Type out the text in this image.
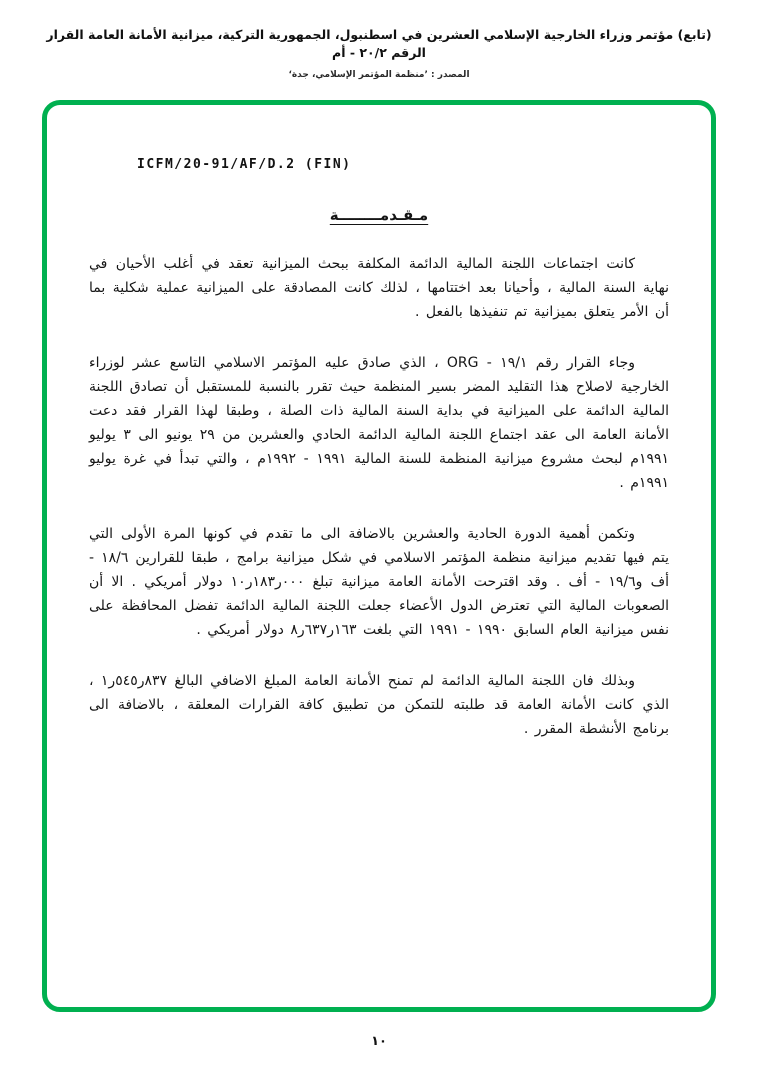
(تابع) مؤتمر وزراء الخارجية الإسلامي العشرين في اسطنبول، الجمهورية التركية، ميزانية الأمانة العامة القرار الرقم ٢٠/٢ - أم
المصدر : ’منظمة المؤتمر الإسلامي، جدة‘
ICFM/20-91/AF/D.2 (FIN)
مـقـدمــــــــة

كانت اجتماعات اللجنة المالية الدائمة المكلفة ببحث الميزانية تعقد في أغلب الأحيان في نهاية السنة المالية ، وأحيانا بعد اختتامها ، لذلك كانت المصادقة على الميزانية عملية شكلية بما أن الأمر يتعلق بميزانية تم تنفيذها بالفعل .

وجاء القرار رقم ١٩/١ - ORG ، الذي صادق عليه المؤتمر الاسلامي التاسع عشر لوزراء الخارجية لاصلاح هذا التقليد المضر بسير المنظمة حيث تقرر بالنسبة للمستقبل أن تصادق اللجنة المالية الدائمة على الميزانية في بداية السنة المالية ذات الصلة ، وطبقا لهذا القرار فقد دعت الأمانة العامة الى عقد اجتماع اللجنة المالية الدائمة الحادي والعشرين من ٢٩ يونيو الى ٣ يوليو ١٩٩١م لبحث مشروع ميزانية المنظمة للسنة المالية ١٩٩١ - ١٩٩٢م ، والتي تبدأ في غرة يوليو ١٩٩١م .

وتكمن أهمية الدورة الحادية والعشرين بالاضافة الى ما تقدم في كونها المرة الأولى التي يتم فيها تقديم ميزانية منظمة المؤتمر الاسلامي في شكل ميزانية برامج ، طبقا للقرارين ١٨/٦ - أف و١٩/٦ - أف . وقد اقترحت الأمانة العامة ميزانية تبلغ ٠٠٠ر١٨٣ر١٠ دولار أمريكي . الا أن الصعوبات المالية التي تعترض الدول الأعضاء جعلت اللجنة المالية الدائمة تفضل المحافظة على نفس ميزانية العام السابق ١٩٩٠ - ١٩٩١ التي بلغت ١٦٣ر٦٣٧ر٨ دولار أمريكي .

وبذلك فان اللجنة المالية الدائمة لم تمنح الأمانة العامة المبلغ الاضافي البالغ ٨٣٧ر٥٤٥ر١ ، الذي كانت الأمانة العامة قد طلبته للتمكن من تطبيق كافة القرارات المعلقة ، بالاضافة الى برنامج الأنشطة المقرر .

١٠
